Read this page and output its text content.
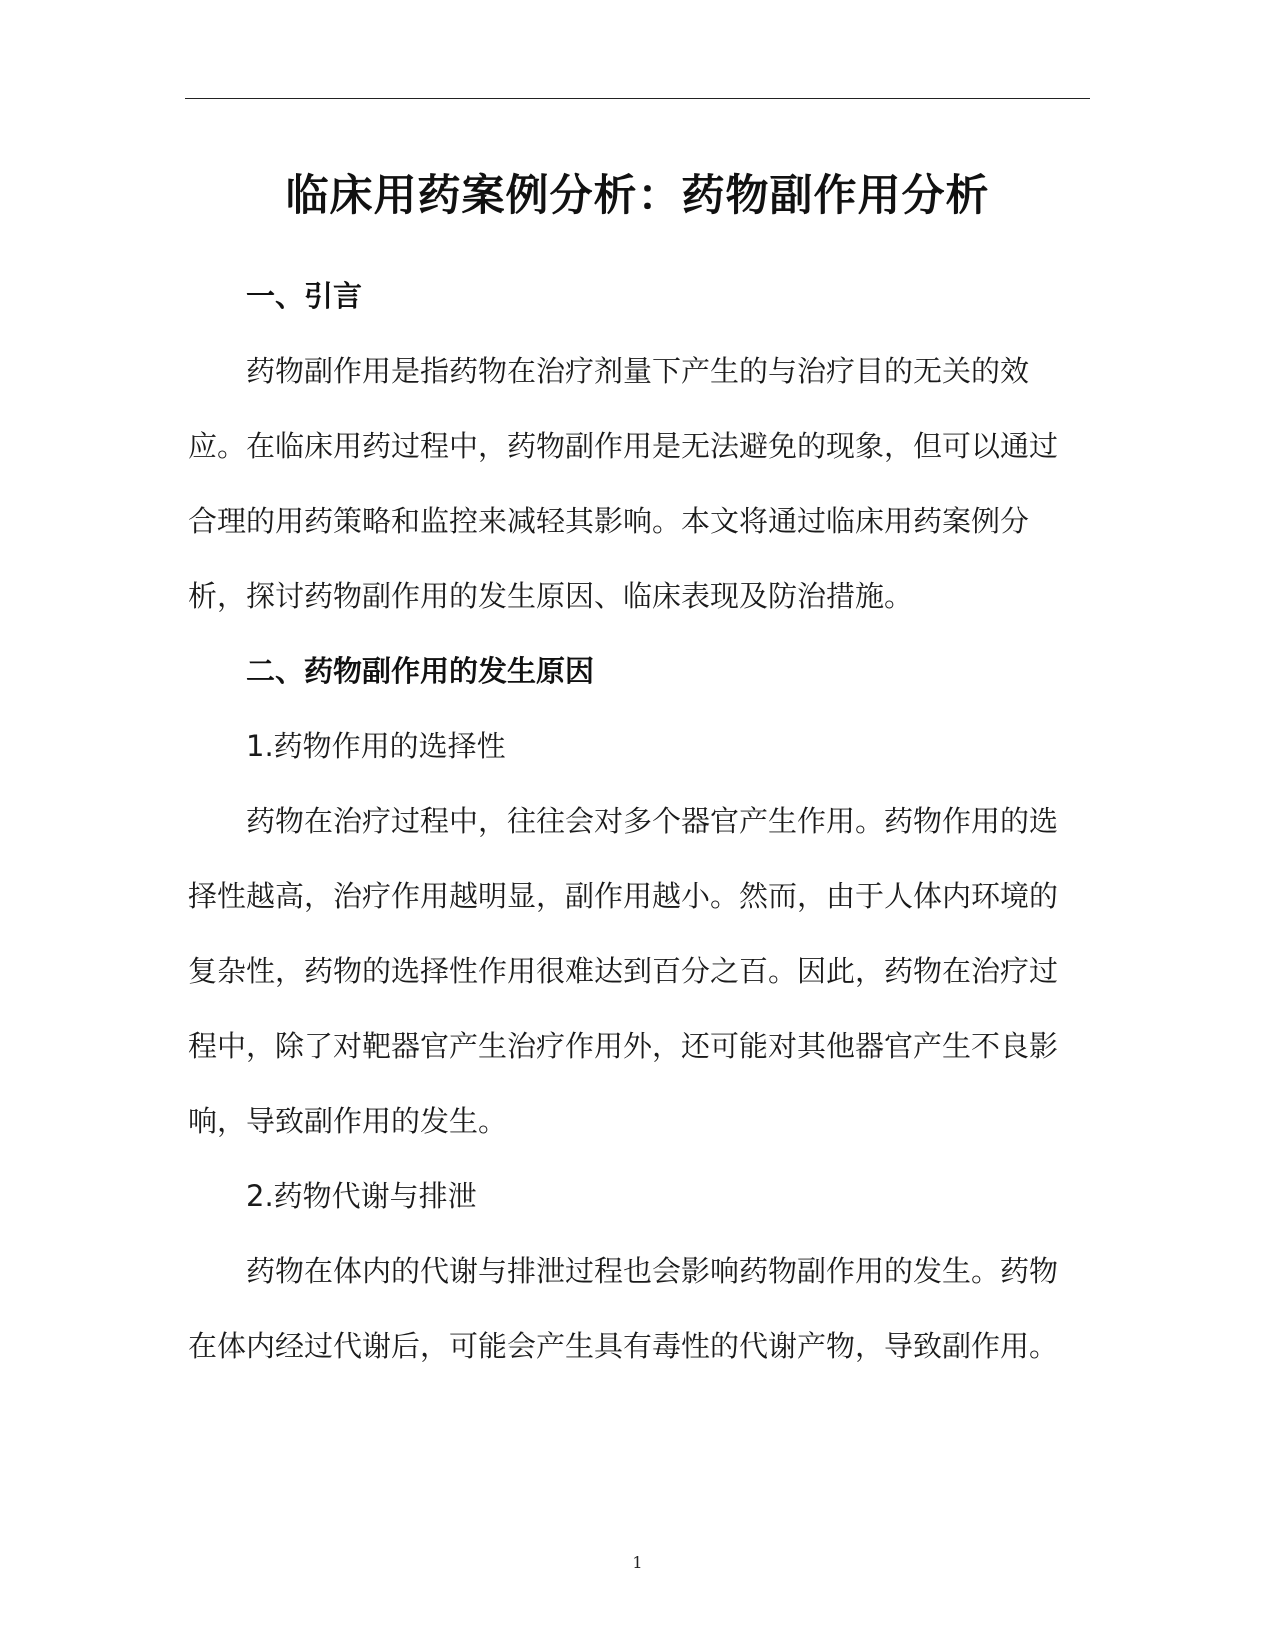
临床用药案例分析：药物副作用分析
一、引言
药物副作用是指药物在治疗剂量下产生的与治疗目的无关的效
应。在临床用药过程中，药物副作用是无法避免的现象，但可以通过
合理的用药策略和监控来减轻其影响。本文将通过临床用药案例分
析，探讨药物副作用的发生原因、临床表现及防治措施。
二、药物副作用的发生原因
1.药物作用的选择性
药物在治疗过程中，往往会对多个器官产生作用。药物作用的选
择性越高，治疗作用越明显，副作用越小。然而，由于人体内环境的
复杂性，药物的选择性作用很难达到百分之百。因此，药物在治疗过
程中，除了对靶器官产生治疗作用外，还可能对其他器官产生不良影
响，导致副作用的发生。
2.药物代谢与排泄
药物在体内的代谢与排泄过程也会影响药物副作用的发生。药物
在体内经过代谢后，可能会产生具有毒性的代谢产物，导致副作用。
1
